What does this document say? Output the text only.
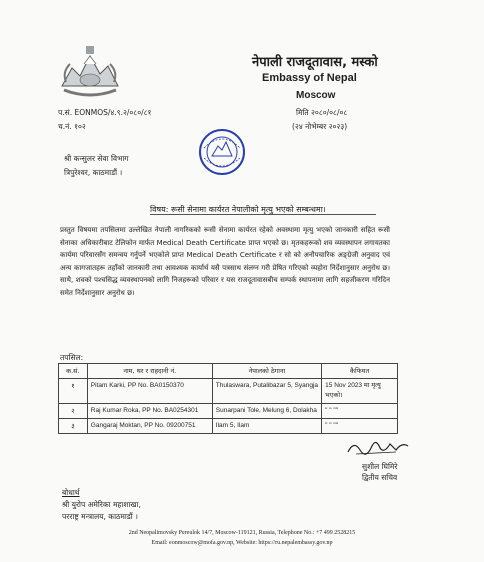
नेपाली राजदूतावास, मस्को
Embassy of Nepal
Moscow
प.सं. EONMOS/४.९.२/०८०/८१
च.नं. १०२
मिति २०८०/०८/०८
(२४ नोभेम्बर २०२३)
श्री कन्सुलर सेवा विभाग
त्रिपुरेश्वर, काठमाडौं ।
विषय: रूसी सेनामा कार्यरत नेपालीको मृत्यु भएको सम्बन्धमा।
प्रस्तुत विषयमा तपसिलमा उल्लेखित नेपाली नागरिकको रूसी सेनामा कार्यरत रहेको अवस्थामा मृत्यु भएको जानकारी सहित रूसी सेनाका अधिकारीबाट टेलिफोन मार्फत Medical Death Certificate प्राप्त भएको छ। मृतकहरूको शव व्यवस्थापन लगायतका कार्यमा परिवारसँग समन्वय गर्नुपर्ने भएकोले प्राप्त Medical Death Certificate र सो को अनौपचारिक अङ्ग्रेजी अनुवाद एवं अन्य कागजातहरू तहाँको जानकारी तथा आवश्यक कार्यार्थ यसै पत्रसाथ संलग्न गरी प्रेषित गरिएको व्यहोरा निर्देशानुसार अनुरोध छ। साथै, शवको पश्चसिद्ध व्यवस्थापनको लागि निजहरूको परिवार र यस राजदूतावासबीच सम्पर्क स्थापनामा लागि सहजीकरण गरिदिन समेत निर्देशानुसार अनुरोध छ।
तपसिल:
क.सं.	नाम, थर र राहदानी नं.	नेपालको ठेगाना	कैफियत
१	Pitam Karki, PP No. BA0150370	Thulaswara, Putalibazar 5, Syangja	15 Nov 2023 मा मृत्यु भएको।
२	Raj Kumar Roka, PP No. BA0254301	Sunarpani Tole, Melung 6, Dolakha	" " ""
३	Gangaraj Moktan, PP No. 09200751	Ilam 5, Ilam	" " ""
सुशील घिमिरे
द्वितीय सचिव
बोधार्थ
श्री युरोप अमेरिका महाशाखा,
परराष्ट्र मन्त्रालय, काठमाडौं ।
2nd Neopalimovsky Pereulok 14/7, Moscow-119121, Russia, Telephone No.: +7 499 2528215
Email: eonmoscow@mofa.gov.np, Website: https://ru.nepalembassy.gov.np
